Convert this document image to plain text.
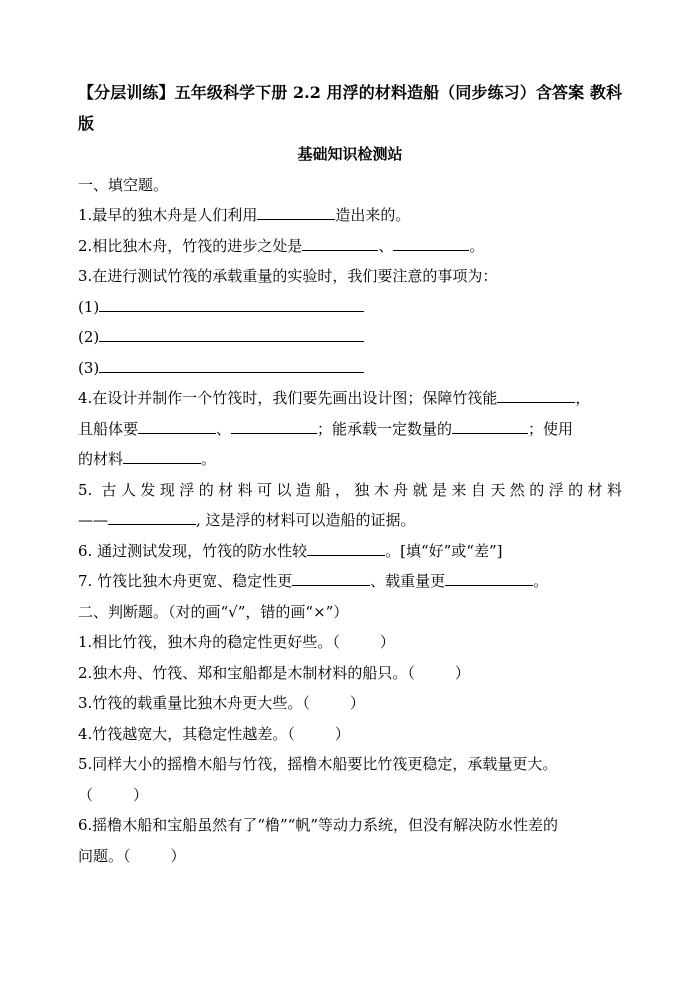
【分层训练】五年级科学下册 2.2 用浮的材料造船（同步练习）含答案 教科
版
基础知识检测站
一、填空题。
1.最早的独木舟是人们利用	造出来的。
2.相比独木舟，竹筏的进步之处是	、	。
3.在进行测试竹筏的承载重量的实验时，我们要注意的事项为：
(1)
(2)
(3)
4.在设计并制作一个竹筏时，我们要先画出设计图；保障竹筏能	，
且船体要	、	；能承载一定数量的	；使用
的材料	。
5. 古人发现浮的材料可以造船，独木舟就是来自天然的浮的材料
——	, 这是浮的材料可以造船的证据。
6. 通过测试发现，竹筏的防水性较	。[填“好”或“差”]
7. 竹筏比独木舟更宽、稳定性更	、载重量更	。
二、判断题。（对的画“√”，错的画“×”）
1.相比竹筏，独木舟的稳定性更好些。（	）
2.独木舟、竹筏、郑和宝船都是木制材料的船只。（	）
3.竹筏的载重量比独木舟更大些。（	）
4.竹筏越宽大，其稳定性越差。（	）
5.同样大小的摇橹木船与竹筏，摇橹木船要比竹筏更稳定，承载量更大。
（	）
6.摇橹木船和宝船虽然有了“橹”“帆”等动力系统，但没有解决防水性差的
问题。（	）
